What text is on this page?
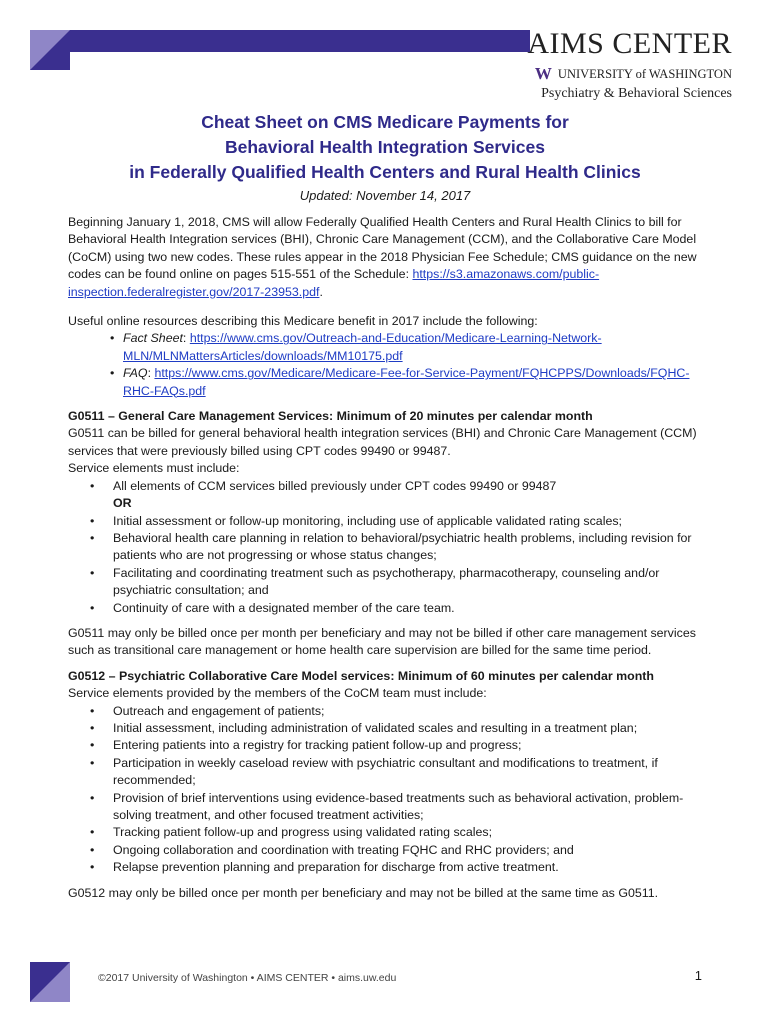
AIMS CENTER
W UNIVERSITY of WASHINGTON
Psychiatry & Behavioral Sciences
Cheat Sheet on CMS Medicare Payments for
Behavioral Health Integration Services
in Federally Qualified Health Centers and Rural Health Clinics
Updated: November 14, 2017

Beginning January 1, 2018, CMS will allow Federally Qualified Health Centers and Rural Health Clinics to bill for Behavioral Health Integration services (BHI), Chronic Care Management (CCM), and the Collaborative Care Model (CoCM) using two new codes. These rules appear in the 2018 Physician Fee Schedule; CMS guidance on the new codes can be found online on pages 515-551 of the Schedule: https://s3.amazonaws.com/public-inspection.federalregister.gov/2017-23953.pdf.

Useful online resources describing this Medicare benefit in 2017 include the following:

• Fact Sheet: https://www.cms.gov/Outreach-and-Education/Medicare-Learning-Network-MLN/MLNMattersArticles/downloads/MM10175.pdf
• FAQ: https://www.cms.gov/Medicare/Medicare-Fee-for-Service-Payment/FQHCPPS/Downloads/FQHC-RHC-FAQs.pdf

G0511 – General Care Management Services: Minimum of 20 minutes per calendar month

G0511 can be billed for general behavioral health integration services (BHI) and Chronic Care Management (CCM) services that were previously billed using CPT codes 99490 or 99487.

Service elements must include:

• All elements of CCM services billed previously under CPT codes 99490 or 99487

OR

• Initial assessment or follow-up monitoring, including use of applicable validated rating scales;
• Behavioral health care planning in relation to behavioral/psychiatric health problems, including revision for patients who are not progressing or whose status changes;
• Facilitating and coordinating treatment such as psychotherapy, pharmacotherapy, counseling and/or psychiatric consultation; and
• Continuity of care with a designated member of the care team.

G0511 may only be billed once per month per beneficiary and may not be billed if other care management services such as transitional care management or home health care supervision are billed for the same time period.

G0512 – Psychiatric Collaborative Care Model services: Minimum of 60 minutes per calendar month

Service elements provided by the members of the CoCM team must include:

• Outreach and engagement of patients;
• Initial assessment, including administration of validated scales and resulting in a treatment plan;
• Entering patients into a registry for tracking patient follow-up and progress;
• Participation in weekly caseload review with psychiatric consultant and modifications to treatment, if recommended;
• Provision of brief interventions using evidence-based treatments such as behavioral activation, problem-solving treatment, and other focused treatment activities;
• Tracking patient follow-up and progress using validated rating scales;
• Ongoing collaboration and coordination with treating FQHC and RHC providers; and
• Relapse prevention planning and preparation for discharge from active treatment.

G0512 may only be billed once per month per beneficiary and may not be billed at the same time as G0511.

©2017 University of Washington • AIMS CENTER • aims.uw.edu	1
